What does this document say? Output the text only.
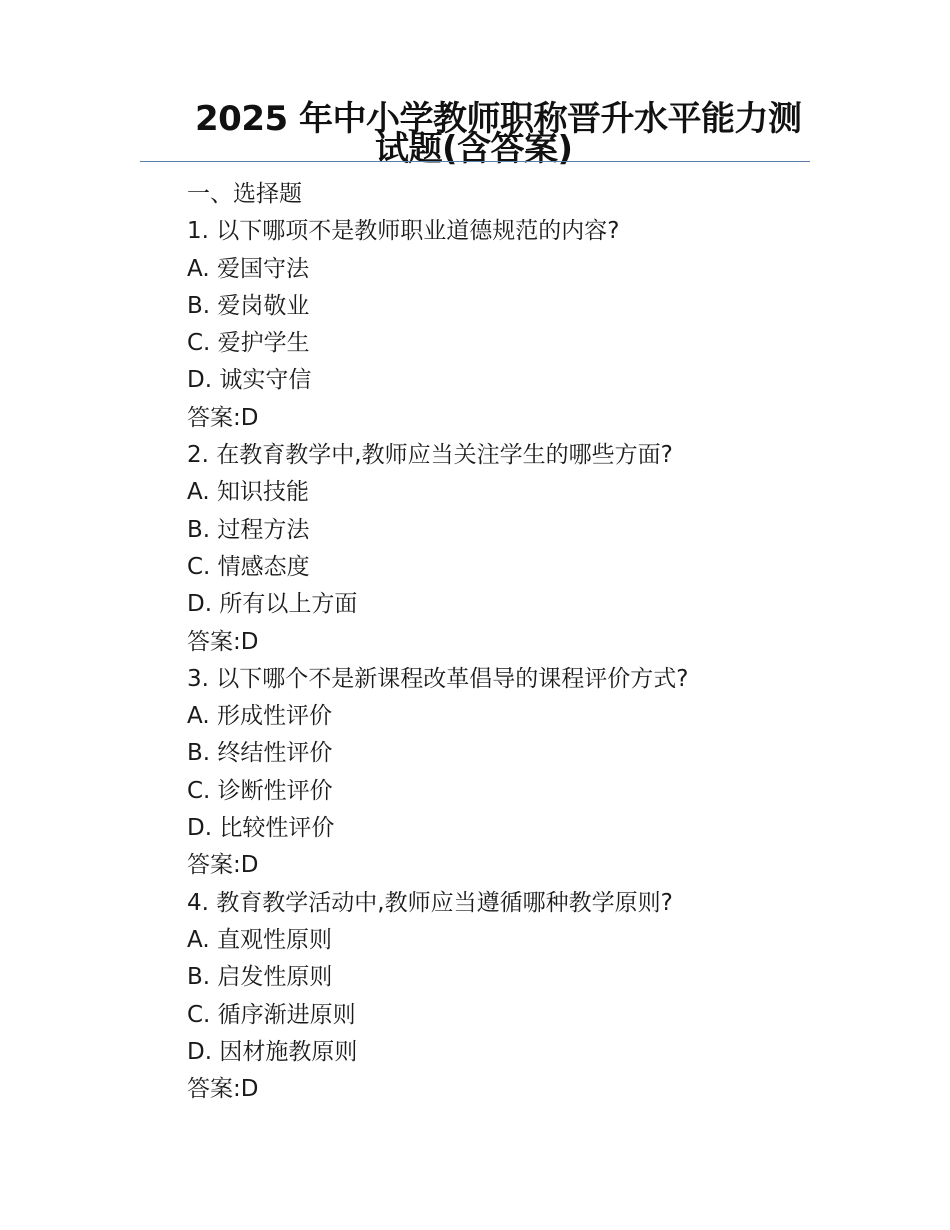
2025 年中小学教师职称晋升水平能力测
试题(含答案)
一、选择题
1. 以下哪项不是教师职业道德规范的内容?
A. 爱国守法
B. 爱岗敬业
C. 爱护学生
D. 诚实守信
答案:D
2. 在教育教学中,教师应当关注学生的哪些方面?
A. 知识技能
B. 过程方法
C. 情感态度
D. 所有以上方面
答案:D
3. 以下哪个不是新课程改革倡导的课程评价方式?
A. 形成性评价
B. 终结性评价
C. 诊断性评价
D. 比较性评价
答案:D
4. 教育教学活动中,教师应当遵循哪种教学原则?
A. 直观性原则
B. 启发性原则
C. 循序渐进原则
D. 因材施教原则
答案:D
